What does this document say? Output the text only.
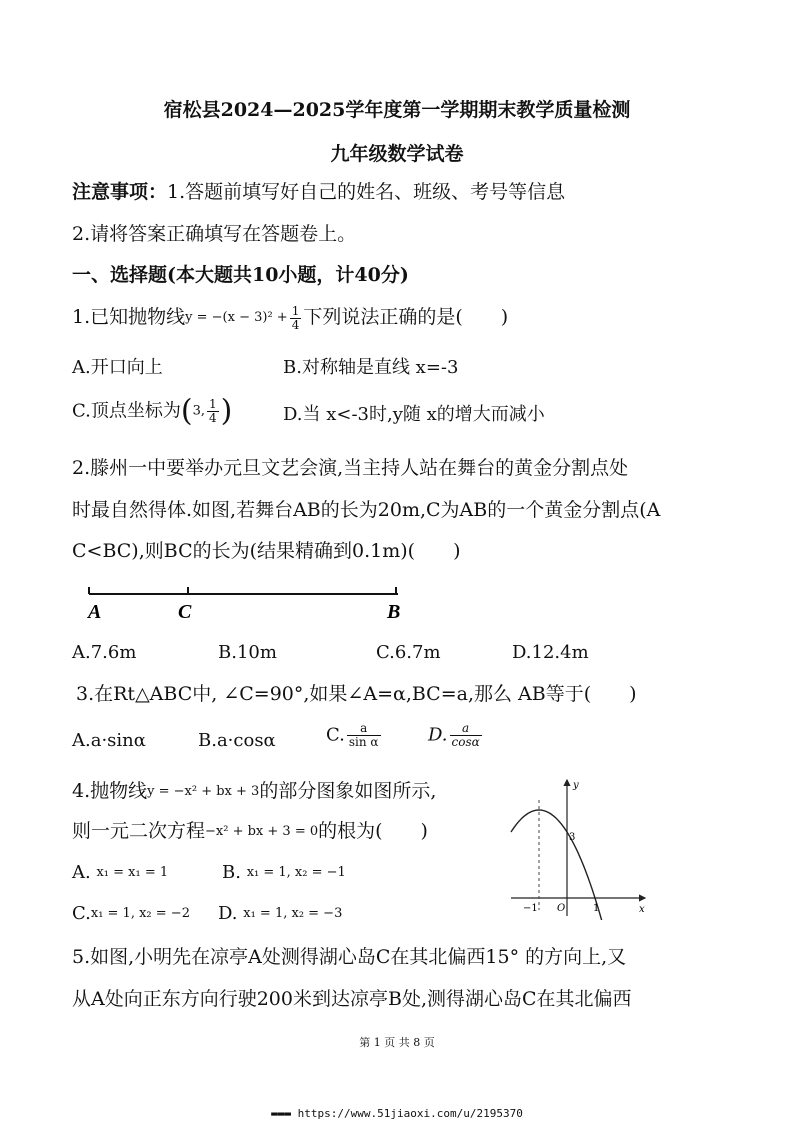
宿松县2024—2025学年度第一学期期末教学质量检测
九年级数学试卷
注意事项：1.答题前填写好自己的姓名、班级、考号等信息
2.请将答案正确填写在答题卷上。
一、选择题(本大题共10小题，计40分)
1.已知抛物线$y = -(x - 3)^2 + \frac{1}{4}$ 下列说法正确的是(　　)
A.开口向上	B.对称轴是直线 x=-3
C.顶点坐标为(3, $\frac{1}{4}$ )	D.当 x<-3时,y随 x的增大而减小
2.滕州一中要举办元旦文艺会演,当主持人站在舞台的黄金分割点处
时最自然得体.如图,若舞台AB的长为20m,C为AB的一个黄金分割点(A
C<BC),则BC的长为(结果精确到0.1m)(　　)
A	C	B
A.7.6m	B.10m	C.6.7m	D.12.4m
3.在Rt△ABC中, ∠C=90°,如果∠A=α,BC=a,那么 AB等于(　　)
A.a·sinα	B.a·cosα	C. $\frac{a}{\text{sin α}}$	D. $\frac{a}{\cos\alpha}$
4.抛物线y = −x² + bx + 3的部分图象如图所示,
则一元二次方程−x² + bx + 3 = 0的根为(　　)
A. x₁ = x₁ = 1	B. x₁ = 1, x₂ = −1
C.x₁ = 1, x₂ = −2 D. x₁ = 1, x₂ = −3
y
x
O
3
1
−1
5.如图,小明先在凉亭A处测得湖心岛C在其北偏西15° 的方向上,又
从A处向正东方向行驶200米到达凉亭B处,测得湖心岛C在其北偏西
第 1 页 共 8 页
▬▬▬ https://www.51jiaoxi.com/u/2195370
